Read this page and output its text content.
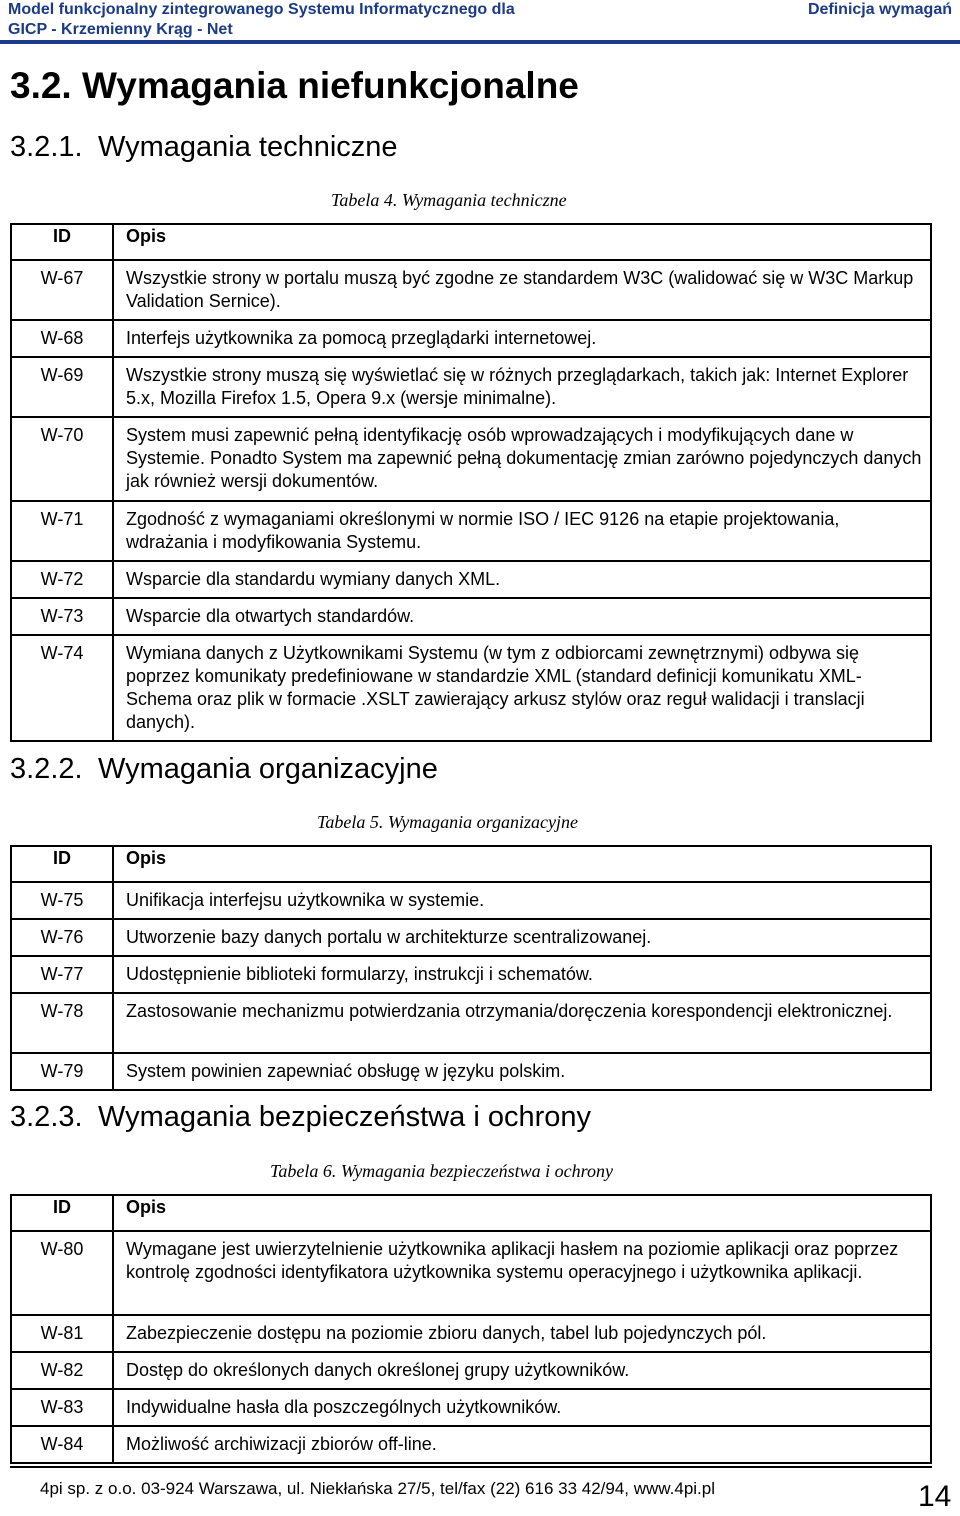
Model funkcjonalny zintegrowanego Systemu Informatycznego dla
GICP - Krzemienny Krąg - Net
Definicja wymagań
3.2. Wymagania niefunkcjonalne
3.2.1. Wymagania techniczne
Tabela 4. Wymagania techniczne
ID	Opis
W-67	Wszystkie strony w portalu muszą być zgodne ze standardem W3C (walidować się w W3C Markup Validation Sernice).
W-68	Interfejs użytkownika za pomocą przeglądarki internetowej.
W-69	Wszystkie strony muszą się wyświetlać się w różnych przeglądarkach, takich jak: Internet Explorer 5.x, Mozilla Firefox 1.5, Opera 9.x (wersje minimalne).
W-70	System musi zapewnić pełną identyfikację osób wprowadzających i modyfikujących dane w Systemie. Ponadto System ma zapewnić pełną dokumentację zmian zarówno pojedynczych danych jak również wersji dokumentów.
W-71	Zgodność z wymaganiami określonymi w normie ISO / IEC 9126 na etapie projektowania, wdrażania i modyfikowania Systemu.
W-72	Wsparcie dla standardu wymiany danych XML.
W-73	Wsparcie dla otwartych standardów.
W-74	Wymiana danych z Użytkownikami Systemu (w tym z odbiorcami zewnętrznymi) odbywa się poprzez komunikaty predefiniowane w standardzie XML (standard definicji komunikatu XML-Schema oraz plik w formacie .XSLT zawierający arkusz stylów oraz reguł walidacji i translacji danych).
3.2.2. Wymagania organizacyjne
Tabela 5. Wymagania organizacyjne
ID	Opis
W-75	Unifikacja interfejsu użytkownika w systemie.
W-76	Utworzenie bazy danych portalu w architekturze scentralizowanej.
W-77	Udostępnienie biblioteki formularzy, instrukcji i schematów.
W-78	Zastosowanie mechanizmu potwierdzania otrzymania/doręczenia korespondencji elektronicznej.
W-79	System powinien zapewniać obsługę w języku polskim.
3.2.3. Wymagania bezpieczeństwa i ochrony
Tabela 6. Wymagania bezpieczeństwa i ochrony
ID	Opis
W-80	Wymagane jest uwierzytelnienie użytkownika aplikacji hasłem na poziomie aplikacji oraz poprzez kontrolę zgodności identyfikatora użytkownika systemu operacyjnego i użytkownika aplikacji.
W-81	Zabezpieczenie dostępu na poziomie zbioru danych, tabel lub pojedynczych pól.
W-82	Dostęp do określonych danych określonej grupy użytkowników.
W-83	Indywidualne hasła dla poszczególnych użytkowników.
W-84	Możliwość archiwizacji zbiorów off-line.
4pi sp. z o.o. 03-924 Warszawa, ul. Niekłańska 27/5, tel/fax (22) 616 33 42/94, www.4pi.pl	14
